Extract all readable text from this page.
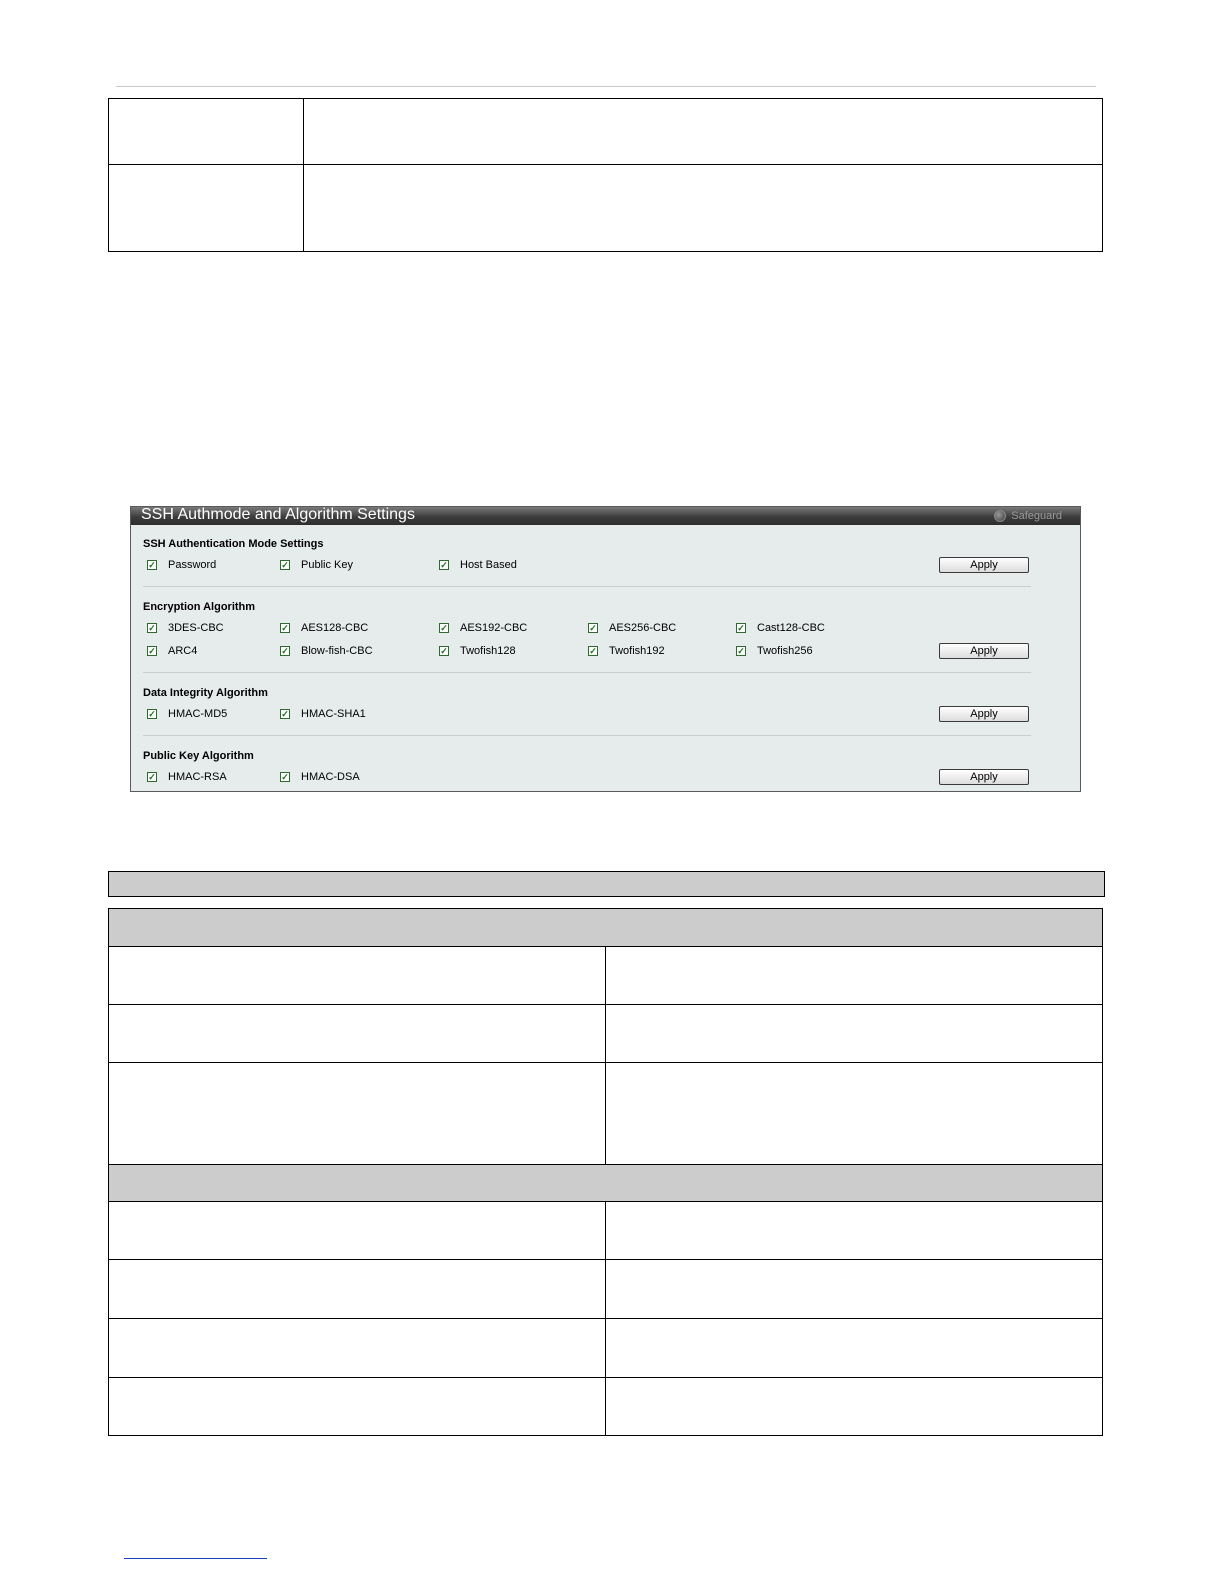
SSH Authmode and Algorithm Settings	Safeguard
SSH Authentication Mode Settings
✓ Password	✓ Public Key	✓ Host Based	Apply
Encryption Algorithm
✓ 3DES-CBC	✓ AES128-CBC	✓ AES192-CBC	✓ AES256-CBC	✓ Cast128-CBC
✓ ARC4	✓ Blow-fish-CBC	✓ Twofish128	✓ Twofish192	✓ Twofish256	Apply
Data Integrity Algorithm
✓ HMAC-MD5	✓ HMAC-SHA1	Apply
Public Key Algorithm
✓ HMAC-RSA	✓ HMAC-DSA	Apply
